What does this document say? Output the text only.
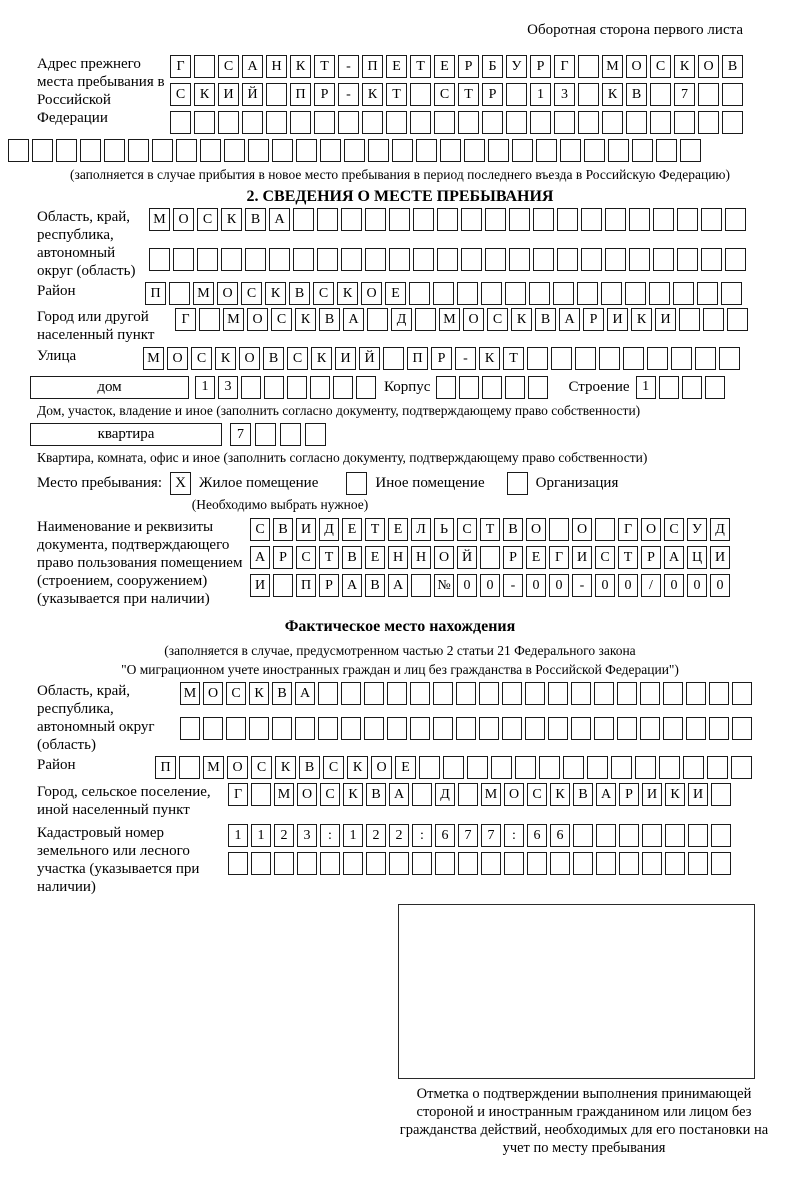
Оборотная сторона первого листа
Адрес прежнего места пребывания в Российской Федерации
Г	С	А Н	К	Т	-	П	Е	Т	Е	Р	Б	У	Р	Г	М О	С	К	О	В
С	К	И Й	П	Р	-	К	Т	С	Т	Р	1	3	К	В	7
(заполняется в случае прибытия в новое место пребывания в период последнего въезда в Российскую Федерацию)
2. СВЕДЕНИЯ О МЕСТЕ ПРЕБЫВАНИЯ
Область, край, республика, автономный округ (область)
М О	С	К	В	А
Район	П	М О	С	К	В	С	К	О	Е
Город или другой населенный пункт
Г	М О	С	К	В	А	Д	М О	С	К	В	А	Р	И	К	И
Улица	М О	С	К	О	В	С	К	И Й	П	Р	-	К	Т
дом	1	3	Корпус	Строение 1
Дом, участок, владение и иное (заполнить согласно документу, подтверждающему право собственности)
квартира	7
Квартира, комната, офис и иное (заполнить согласно документу, подтверждающему право собственности)
Место пребывания: X Жилое помещение	Иное помещение	Организация
(Необходимо выбрать нужное)
Наименование и реквизиты документа, подтверждающего право пользования помещением (строением, сооружением) (указывается при наличии)
С В И Д Е	Т	Е Л	Ь	С	Т	В О	О	Г О С У Д
А	Р	С	Т	В	Е Н Н О Й	Р	Е	Г И С	Т	Р	А Ц И
И	П	Р	А В А	№ 0	0	-	0	0	-	0	0	/	0	0	0
Фактическое место нахождения
(заполняется в случае, предусмотренном частью 2 статьи 21 Федерального закона
"О миграционном учете иностранных граждан и лиц без гражданства в Российской Федерации")
Область, край, республика, автономный округ (область)
М О С К В А
Район	П	М О	С	К	В	С	К	О	Е
Город, сельское поселение, иной населенный пункт
Г	М О С К В А	Д	М О С К В А	Р	И К И
Кадастровый номер земельного или лесного участка (указывается при наличии)
1	1	2	3	:	1	2	2	:	6	7	7	:	6	6
Отметка о подтверждении выполнения принимающей стороной и иностранным гражданином или лицом без гражданства действий, необходимых для его постановки на учет по месту пребывания
